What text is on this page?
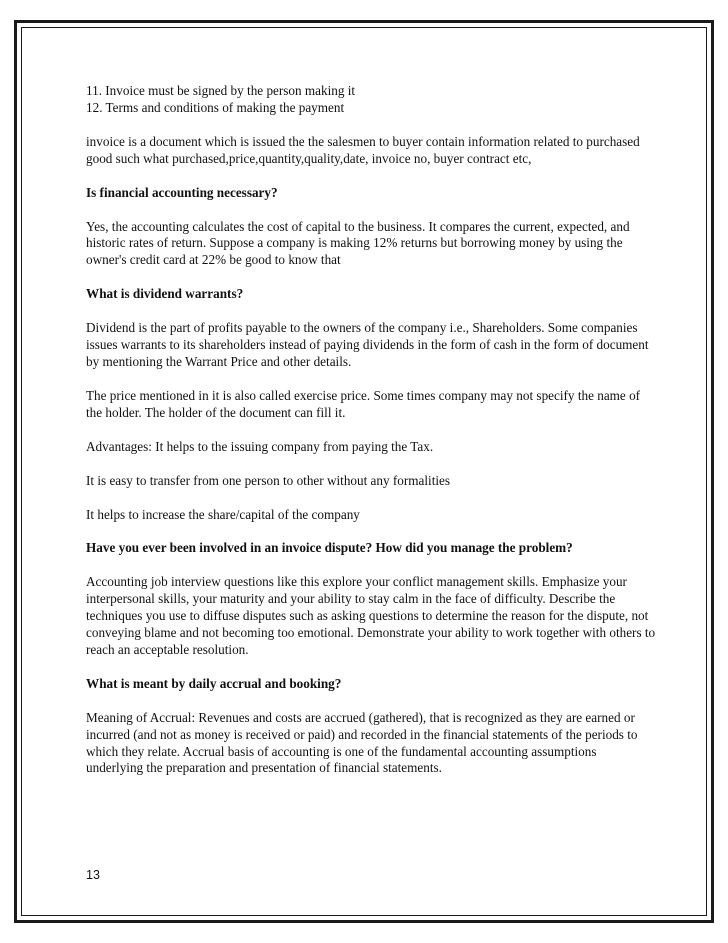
11. Invoice must be signed by the person making it

12. Terms and conditions of making the payment

invoice is a document which is issued the the salesmen to buyer contain information related to purchased good such what purchased,price,quantity,quality,date, invoice no, buyer contract etc,

Is financial accounting necessary?

Yes, the accounting calculates the cost of capital to the business. It compares the current, expected, and historic rates of return. Suppose a company is making 12% returns but borrowing money by using the owner's credit card at 22% be good to know that

What is dividend warrants?

Dividend is the part of profits payable to the owners of the company i.e., Shareholders. Some companies issues warrants to its shareholders instead of paying dividends in the form of cash in the form of document by mentioning the Warrant Price and other details.

The price mentioned in it is also called exercise price. Some times company may not specify the name of the holder. The holder of the document can fill it.

Advantages: It helps to the issuing company from paying the Tax.

It is easy to transfer from one person to other without any formalities

It helps to increase the share/capital of the company

Have you ever been involved in an invoice dispute? How did you manage the problem?

Accounting job interview questions like this explore your conflict management skills. Emphasize your interpersonal skills, your maturity and your ability to stay calm in the face of difficulty. Describe the techniques you use to diffuse disputes such as asking questions to determine the reason for the dispute, not conveying blame and not becoming too emotional. Demonstrate your ability to work together with others to reach an acceptable resolution.

What is meant by daily accrual and booking?

Meaning of Accrual: Revenues and costs are accrued (gathered), that is recognized as they are earned or incurred (and not as money is received or paid) and recorded in the financial statements of the periods to which they relate. Accrual basis of accounting is one of the fundamental accounting assumptions underlying the preparation and presentation of financial statements.

13
